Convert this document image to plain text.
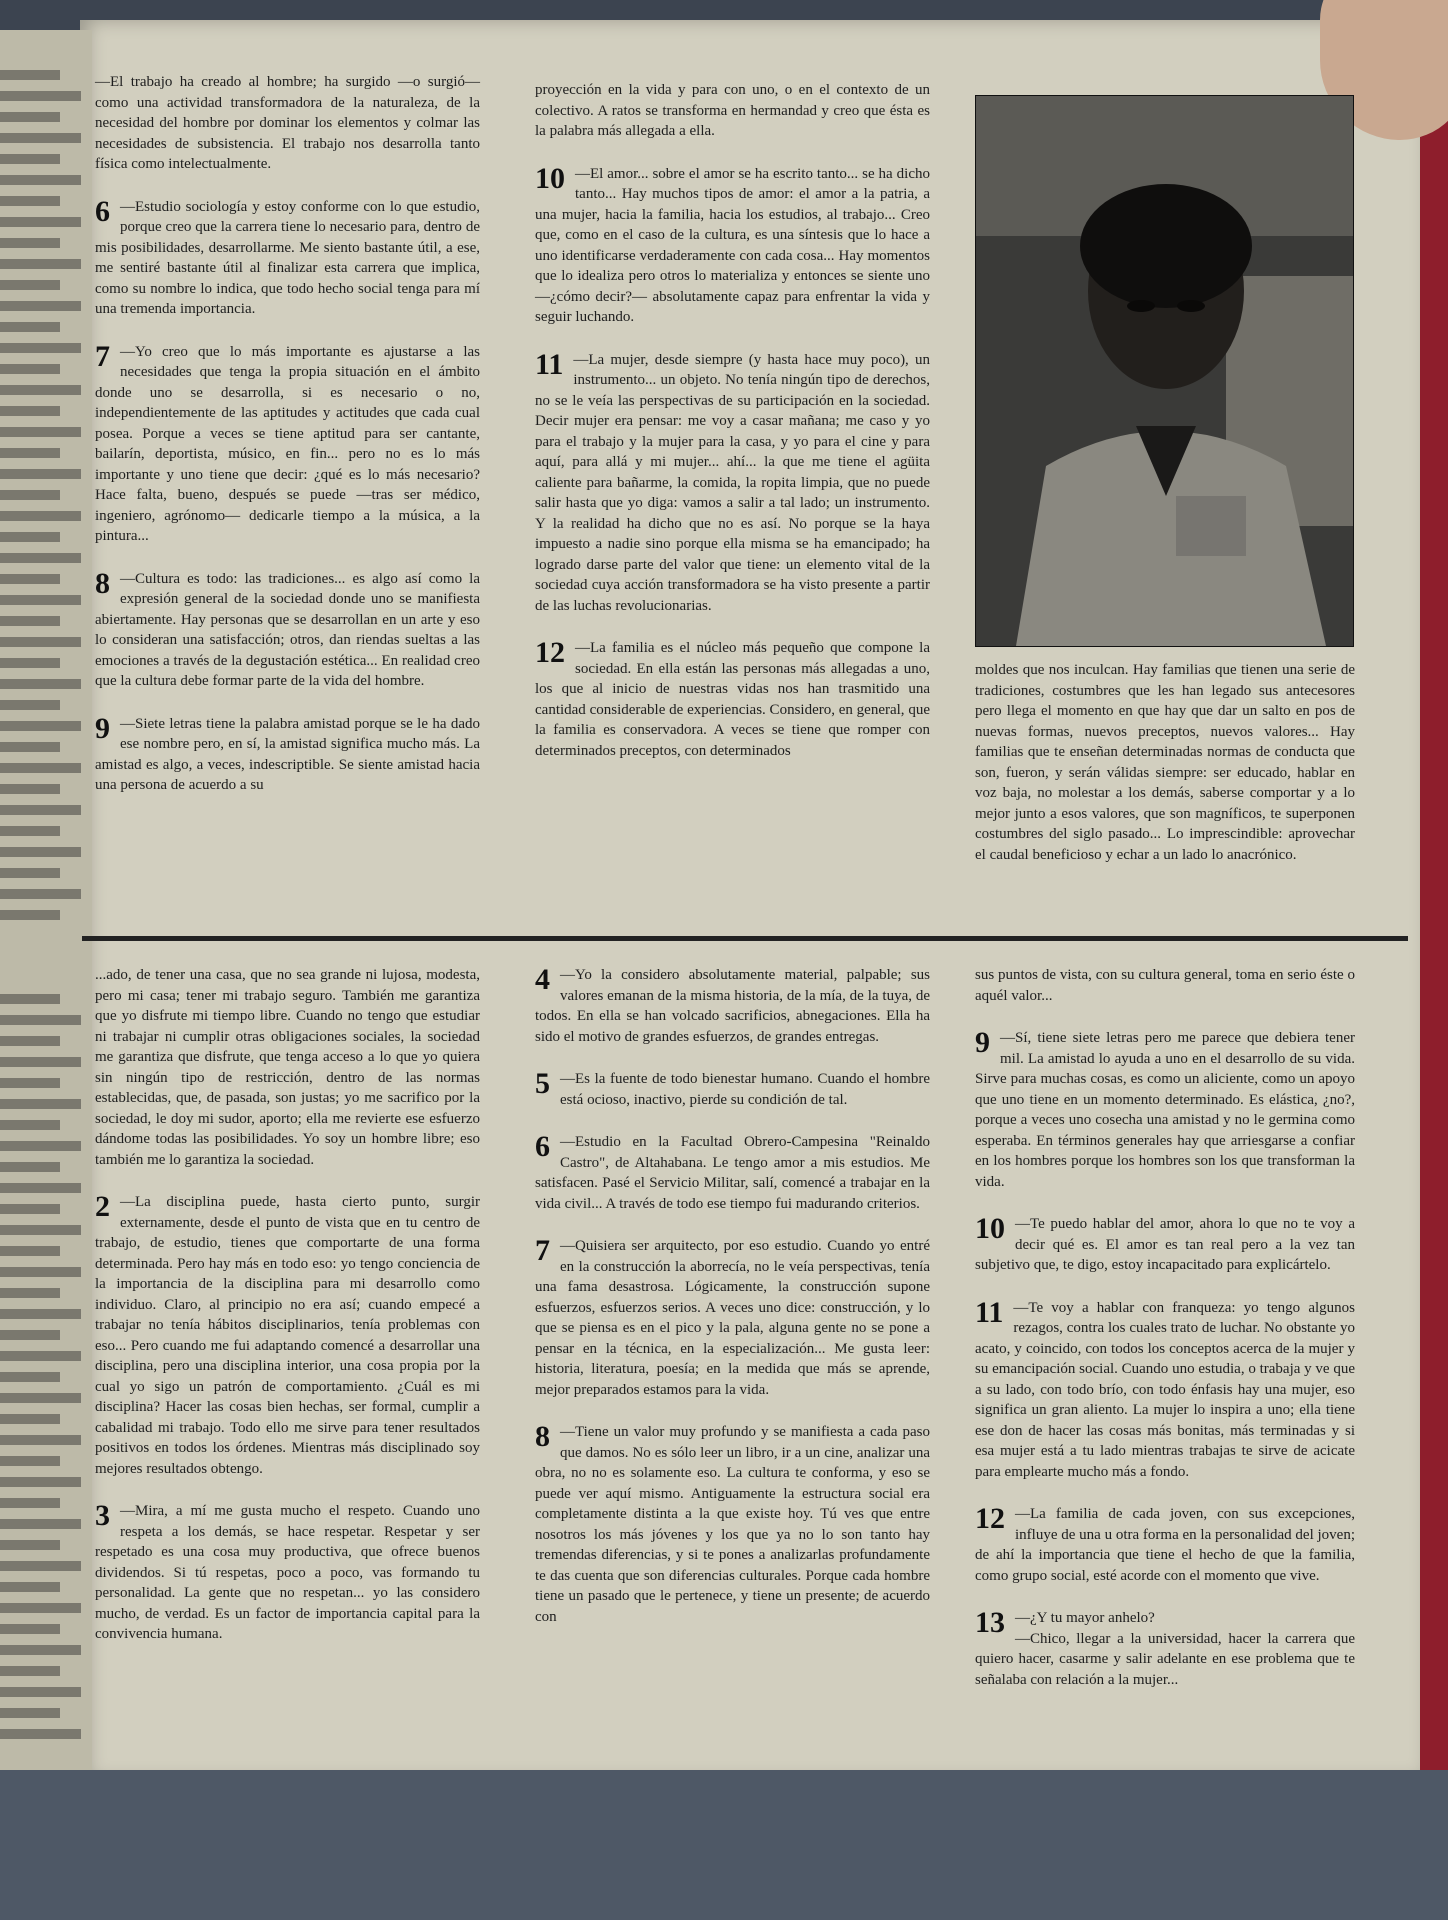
—El trabajo ha creado al hombre; ha surgido —o surgió— como una actividad transformadora de la naturaleza, de la necesidad del hombre por dominar los elementos y colmar las necesidades de subsistencia. El trabajo nos desarrolla tanto física como intelectualmente.

6 —Estudio sociología y estoy conforme con lo que estudio, porque creo que la carrera tiene lo necesario para, dentro de mis posibilidades, desarrollarme. Me siento bastante útil, a ese, me sentiré bastante útil al finalizar esta carrera que implica, como su nombre lo indica, que todo hecho social tenga para mí una tremenda importancia.

7 —Yo creo que lo más importante es ajustarse a las necesidades que tenga la propia situación en el ámbito donde uno se desarrolla, si es necesario o no, independientemente de las aptitudes y actitudes que cada cual posea. Porque a veces se tiene aptitud para ser cantante, bailarín, deportista, músico, en fin... pero no es lo más importante y uno tiene que decir: ¿qué es lo más necesario? Hace falta, bueno, después se puede —tras ser médico, ingeniero, agrónomo— dedicarle tiempo a la música, a la pintura...

8 —Cultura es todo: las tradiciones... es algo así como la expresión general de la sociedad donde uno se manifiesta abiertamente. Hay personas que se desarrollan en un arte y eso lo consideran una satisfacción; otros, dan riendas sueltas a las emociones a través de la degustación estética... En realidad creo que la cultura debe formar parte de la vida del hombre.

9 —Siete letras tiene la palabra amistad porque se le ha dado ese nombre pero, en sí, la amistad significa mucho más. La amistad es algo, a veces, indescriptible. Se siente amistad hacia una persona de acuerdo a su

proyección en la vida y para con uno, o en el contexto de un colectivo. A ratos se transforma en hermandad y creo que ésta es la palabra más allegada a ella.

10 —El amor... sobre el amor se ha escrito tanto... se ha dicho tanto... Hay muchos tipos de amor: el amor a la patria, a una mujer, hacia la familia, hacia los estudios, al trabajo... Creo que, como en el caso de la cultura, es una síntesis que lo hace a uno identificarse verdaderamente con cada cosa... Hay momentos que lo idealiza pero otros lo materializa y entonces se siente uno —¿cómo decir?— absolutamente capaz para enfrentar la vida y seguir luchando.

11 —La mujer, desde siempre (y hasta hace muy poco), un instrumento... un objeto. No tenía ningún tipo de derechos, no se le veía las perspectivas de su participación en la sociedad. Decir mujer era pensar: me voy a casar mañana; me caso y yo para el trabajo y la mujer para la casa, y yo para el cine y para aquí, para allá y mi mujer... ahí... la que me tiene el agüita caliente para bañarme, la comida, la ropita limpia, que no puede salir hasta que yo diga: vamos a salir a tal lado; un instrumento. Y la realidad ha dicho que no es así. No porque se la haya impuesto a nadie sino porque ella misma se ha emancipado; ha logrado darse parte del valor que tiene: un elemento vital de la sociedad cuya acción transformadora se ha visto presente a partir de las luchas revolucionarias.

12 —La familia es el núcleo más pequeño que compone la sociedad. En ella están las personas más allegadas a uno, los que al inicio de nuestras vidas nos han trasmitido una cantidad considerable de experiencias. Considero, en general, que la familia es conservadora. A veces se tiene que romper con determinados preceptos, con determinados

moldes que nos inculcan. Hay familias que tienen una serie de tradiciones, costumbres que les han legado sus antecesores pero llega el momento en que hay que dar un salto en pos de nuevas formas, nuevos preceptos, nuevos valores... Hay familias que te enseñan determinadas normas de conducta que son, fueron, y serán válidas siempre: ser educado, hablar en voz baja, no molestar a los demás, saberse comportar y a lo mejor junto a esos valores, que son magníficos, te superponen costumbres del siglo pasado... Lo imprescindible: aprovechar el caudal beneficioso y echar a un lado lo anacrónico.

...ado, de tener una casa, que no sea grande ni lujosa, modesta, pero mi casa; tener mi trabajo seguro. También me garantiza que yo disfrute mi tiempo libre. Cuando no tengo que estudiar ni trabajar ni cumplir otras obligaciones sociales, la sociedad me garantiza que disfrute, que tenga acceso a lo que yo quiera sin ningún tipo de restricción, dentro de las normas establecidas, que, de pasada, son justas; yo me sacrifico por la sociedad, le doy mi sudor, aporto; ella me revierte ese esfuerzo dándome todas las posibilidades. Yo soy un hombre libre; eso también me lo garantiza la sociedad.

2 —La disciplina puede, hasta cierto punto, surgir externamente, desde el punto de vista que en tu centro de trabajo, de estudio, tienes que comportarte de una forma determinada. Pero hay más en todo eso: yo tengo conciencia de la importancia de la disciplina para mi desarrollo como individuo. Claro, al principio no era así; cuando empecé a trabajar no tenía hábitos disciplinarios, tenía problemas con eso... Pero cuando me fui adaptando comencé a desarrollar una disciplina, pero una disciplina interior, una cosa propia por la cual yo sigo un patrón de comportamiento. ¿Cuál es mi disciplina? Hacer las cosas bien hechas, ser formal, cumplir a cabalidad mi trabajo. Todo ello me sirve para tener resultados positivos en todos los órdenes. Mientras más disciplinado soy mejores resultados obtengo.

3 —Mira, a mí me gusta mucho el respeto. Cuando uno respeta a los demás, se hace respetar. Respetar y ser respetado es una cosa muy productiva, que ofrece buenos dividendos. Si tú respetas, poco a poco, vas formando tu personalidad. La gente que no respetan... yo las considero mucho, de verdad. Es un factor de importancia capital para la convivencia humana.

4 —Yo la considero absolutamente material, palpable; sus valores emanan de la misma historia, de la mía, de la tuya, de todos. En ella se han volcado sacrificios, abnegaciones. Ella ha sido el motivo de grandes esfuerzos, de grandes entregas.

5 —Es la fuente de todo bienestar humano. Cuando el hombre está ocioso, inactivo, pierde su condición de tal.

6 —Estudio en la Facultad Obrero-Campesina "Reinaldo Castro", de Altahabana. Le tengo amor a mis estudios. Me satisfacen. Pasé el Servicio Militar, salí, comencé a trabajar en la vida civil... A través de todo ese tiempo fui madurando criterios.

7 —Quisiera ser arquitecto, por eso estudio. Cuando yo entré en la construcción la aborrecía, no le veía perspectivas, tenía una fama desastrosa. Lógicamente, la construcción supone esfuerzos, esfuerzos serios. A veces uno dice: construcción, y lo que se piensa es en el pico y la pala, alguna gente no se pone a pensar en la técnica, en la especialización... Me gusta leer: historia, literatura, poesía; en la medida que más se aprende, mejor preparados estamos para la vida.

8 —Tiene un valor muy profundo y se manifiesta a cada paso que damos. No es sólo leer un libro, ir a un cine, analizar una obra, no no es solamente eso. La cultura te conforma, y eso se puede ver aquí mismo. Antiguamente la estructura social era completamente distinta a la que existe hoy. Tú ves que entre nosotros los más jóvenes y los que ya no lo son tanto hay tremendas diferencias, y si te pones a analizarlas profundamente te das cuenta que son diferencias culturales. Porque cada hombre tiene un pasado que le pertenece, y tiene un presente; de acuerdo con

sus puntos de vista, con su cultura general, toma en serio éste o aquél valor...

9 —Sí, tiene siete letras pero me parece que debiera tener mil. La amistad lo ayuda a uno en el desarrollo de su vida. Sirve para muchas cosas, es como un aliciente, como un apoyo que uno tiene en un momento determinado. Es elástica, ¿no?, porque a veces uno cosecha una amistad y no le germina como esperaba. En términos generales hay que arriesgarse a confiar en los hombres porque los hombres son los que transforman la vida.

10 —Te puedo hablar del amor, ahora lo que no te voy a decir qué es. El amor es tan real pero a la vez tan subjetivo que, te digo, estoy incapacitado para explicártelo.

11 —Te voy a hablar con franqueza: yo tengo algunos rezagos, contra los cuales trato de luchar. No obstante yo acato, y coincido, con todos los conceptos acerca de la mujer y su emancipación social. Cuando uno estudia, o trabaja y ve que a su lado, con todo brío, con todo énfasis hay una mujer, eso significa un gran aliento. La mujer lo inspira a uno; ella tiene ese don de hacer las cosas más bonitas, más terminadas y si esa mujer está a tu lado mientras trabajas te sirve de acicate para emplearte mucho más a fondo.

12 —La familia de cada joven, con sus excepciones, influye de una u otra forma en la personalidad del joven; de ahí la importancia que tiene el hecho de que la familia, como grupo social, esté acorde con el momento que vive.

13 —¿Y tu mayor anhelo?
—Chico, llegar a la universidad, hacer la carrera que quiero hacer, casarme y salir adelante en ese problema que te señalaba con relación a la mujer...
